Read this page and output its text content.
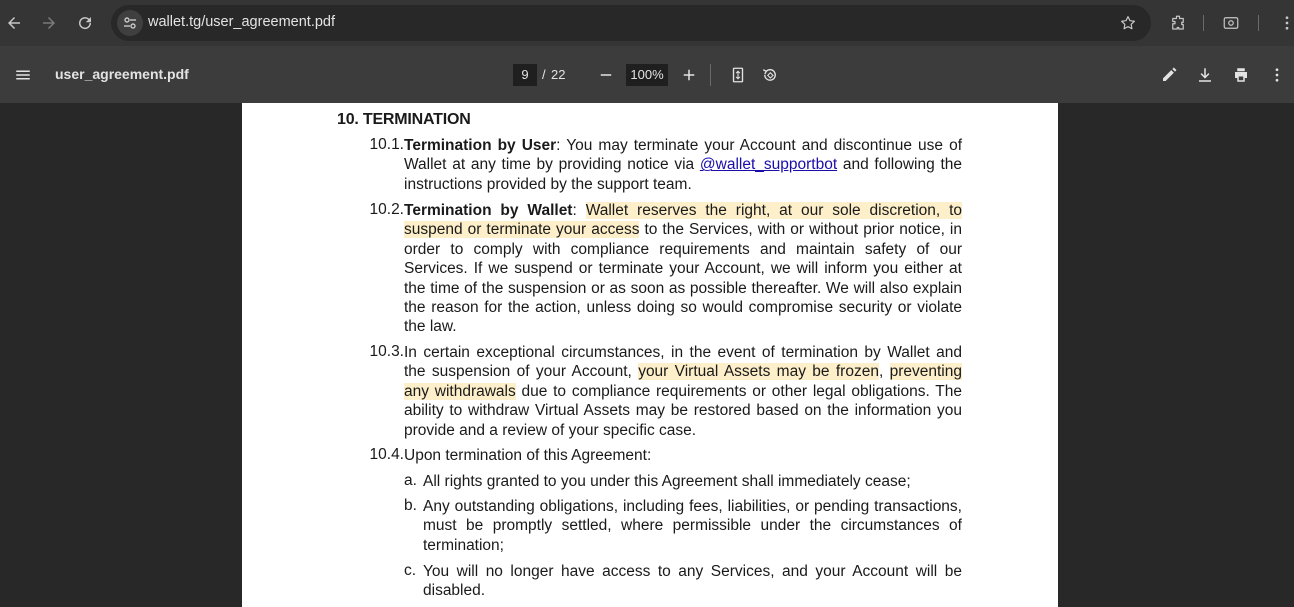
wallet.tg/user_agreement.pdf
user_agreement.pdf	9	/ 22	100%
10. TERMINATION
10.1. Termination by User: You may terminate your Account and discontinue use of Wallet at any time by providing notice via @wallet_supportbot and following the instructions provided by the support team.
10.2. Termination by Wallet: Wallet reserves the right, at our sole discretion, to suspend or terminate your access to the Services, with or without prior notice, in order to comply with compliance requirements and maintain safety of our Services. If we suspend or terminate your Account, we will inform you either at the time of the suspension or as soon as possible thereafter. We will also explain the reason for the action, unless doing so would compromise security or violate the law.
10.3. In certain exceptional circumstances, in the event of termination by Wallet and the suspension of your Account, your Virtual Assets may be frozen, preventing any withdrawals due to compliance requirements or other legal obligations. The ability to withdraw Virtual Assets may be restored based on the information you provide and a review of your specific case.
10.4. Upon termination of this Agreement:
a. All rights granted to you under this Agreement shall immediately cease;
b. Any outstanding obligations, including fees, liabilities, or pending transactions, must be promptly settled, where permissible under the circumstances of termination;
c. You will no longer have access to any Services, and your Account will be disabled.
